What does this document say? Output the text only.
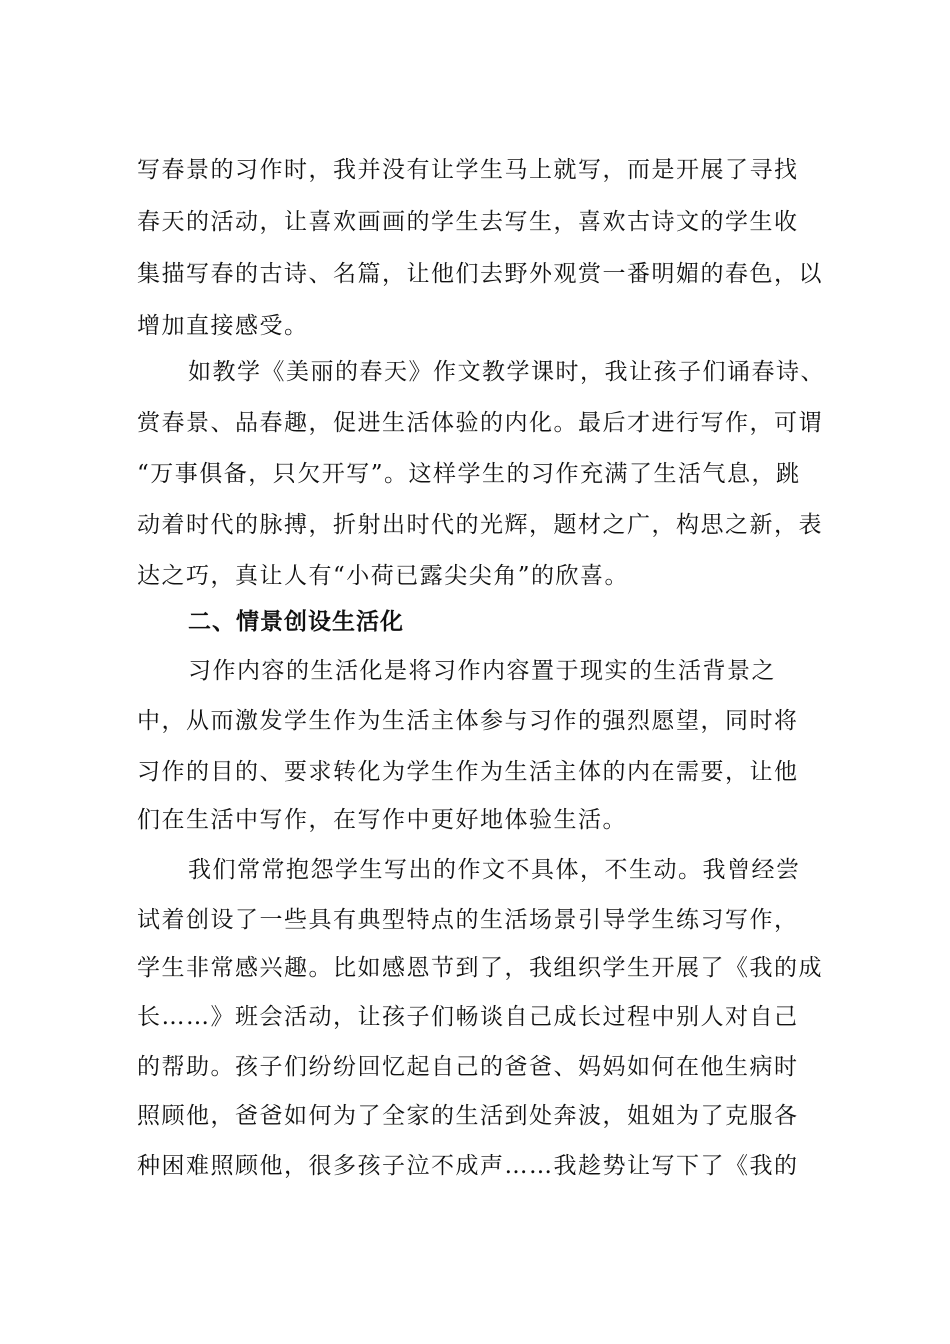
写春景的习作时，我并没有让学生马上就写，而是开展了寻找
春天的活动，让喜欢画画的学生去写生，喜欢古诗文的学生收
集描写春的古诗、名篇，让他们去野外观赏一番明媚的春色，以
增加直接感受。
如教学《美丽的春天》作文教学课时，我让孩子们诵春诗、
赏春景、品春趣，促进生活体验的内化。最后才进行写作，可谓
“万事俱备，只欠开写”。这样学生的习作充满了生活气息，跳
动着时代的脉搏，折射出时代的光辉，题材之广，构思之新，表
达之巧，真让人有“小荷已露尖尖角”的欣喜。
二、情景创设生活化
习作内容的生活化是将习作内容置于现实的生活背景之
中，从而激发学生作为生活主体参与习作的强烈愿望，同时将
习作的目的、要求转化为学生作为生活主体的内在需要，让他
们在生活中写作，在写作中更好地体验生活。
我们常常抱怨学生写出的作文不具体，不生动。我曾经尝
试着创设了一些具有典型特点的生活场景引导学生练习写作，
学生非常感兴趣。比如感恩节到了，我组织学生开展了《我的成
长……》班会活动，让孩子们畅谈自己成长过程中别人对自己
的帮助。孩子们纷纷回忆起自己的爸爸、妈妈如何在他生病时
照顾他，爸爸如何为了全家的生活到处奔波，姐姐为了克服各
种困难照顾他，很多孩子泣不成声……我趁势让写下了《我的
